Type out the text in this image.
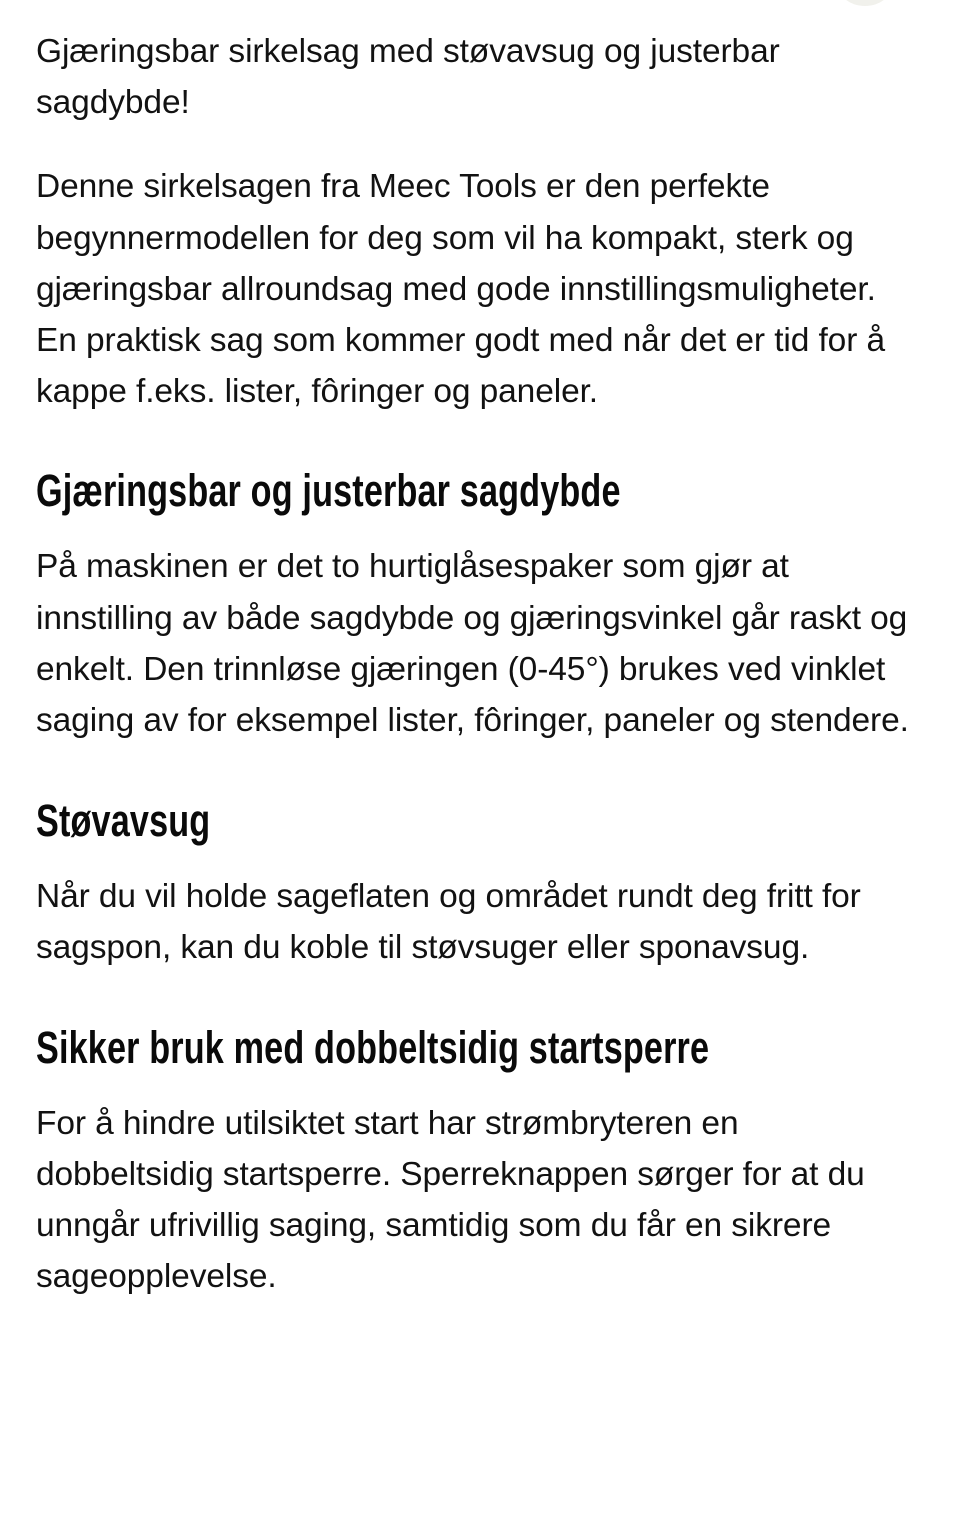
Gjæringsbar sirkelsag med støvavsug og justerbar sagdybde!

Denne sirkelsagen fra Meec Tools er den perfekte begynnermodellen for deg som vil ha kompakt, sterk og gjæringsbar allroundsag med gode innstillingsmuligheter. En praktisk sag som kommer godt med når det er tid for å kappe f.eks. lister, fôringer og paneler.

Gjæringsbar og justerbar sagdybde

På maskinen er det to hurtiglåsespaker som gjør at innstilling av både sagdybde og gjæringsvinkel går raskt og enkelt. Den trinnløse gjæringen (0-45°) brukes ved vinklet saging av for eksempel lister, fôringer, paneler og stendere.

Støvavsug

Når du vil holde sageflaten og området rundt deg fritt for sagspon, kan du koble til støvsuger eller sponavsug.

Sikker bruk med dobbeltsidig startsperre

For å hindre utilsiktet start har strømbryteren en dobbeltsidig startsperre. Sperreknappen sørger for at du unngår ufrivillig saging, samtidig som du får en sikrere sageopplevelse.
